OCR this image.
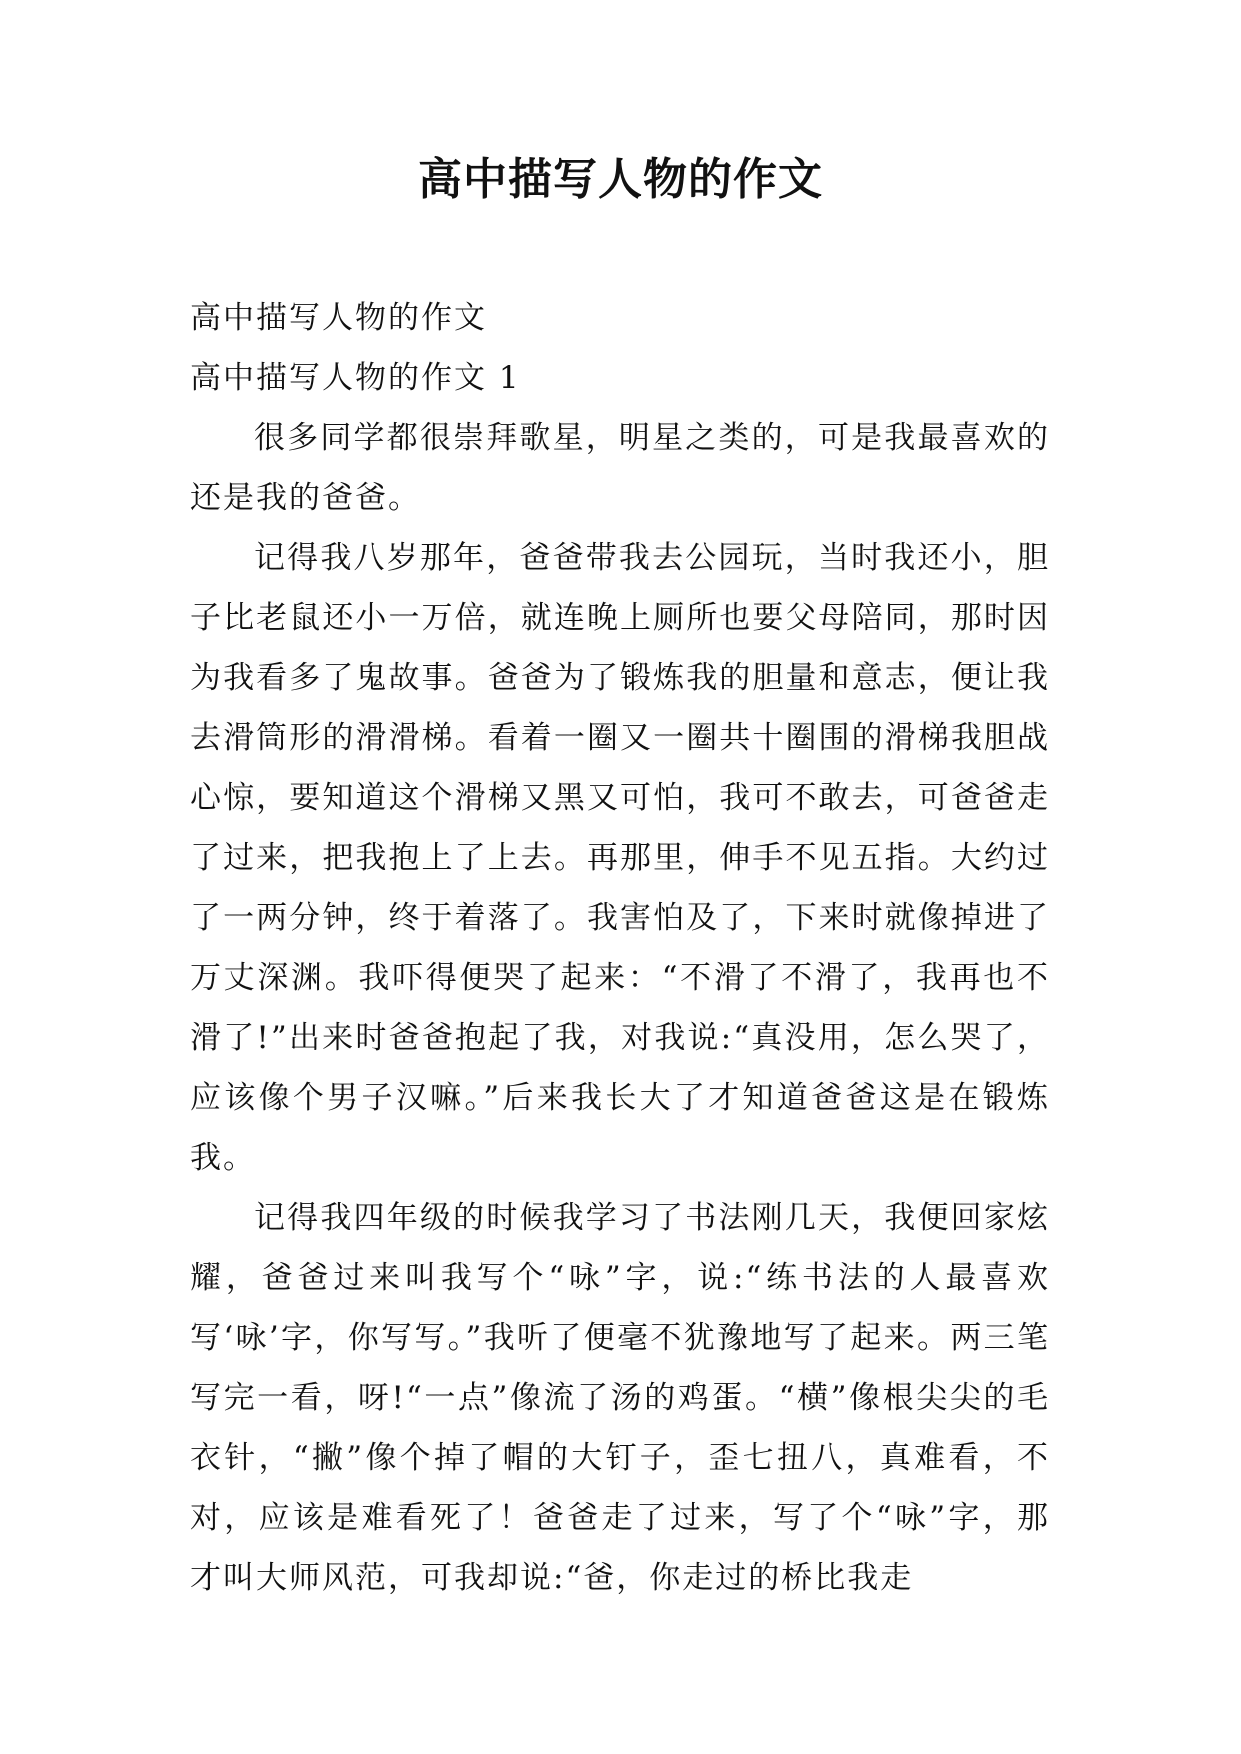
高中描写人物的作文

高中描写人物的作文

高中描写人物的作文 1

很多同学都很崇拜歌星，明星之类的，可是我最喜欢的还是我的爸爸。

记得我八岁那年，爸爸带我去公园玩，当时我还小，胆子比老鼠还小一万倍，就连晚上厕所也要父母陪同，那时因为我看多了鬼故事。爸爸为了锻炼我的胆量和意志，便让我去滑筒形的滑滑梯。看着一圈又一圈共十圈围的滑梯我胆战心惊，要知道这个滑梯又黑又可怕，我可不敢去，可爸爸走了过来，把我抱上了上去。再那里，伸手不见五指。大约过了一两分钟，终于着落了。我害怕及了，下来时就像掉进了万丈深渊。我吓得便哭了起来：“不滑了不滑了，我再也不滑了!”出来时爸爸抱起了我，对我说:“真没用，怎么哭了，应该像个男子汉嘛。”后来我长大了才知道爸爸这是在锻炼我。

记得我四年级的时候我学习了书法刚几天，我便回家炫耀，爸爸过来叫我写个“咏”字，说:“练书法的人最喜欢写‘咏’字，你写写。”我听了便毫不犹豫地写了起来。两三笔写完一看，呀!“一点”像流了汤的鸡蛋。“横”像根尖尖的毛衣针，“撇”像个掉了帽的大钉子，歪七扭八，真难看，不对，应该是难看死了！爸爸走了过来，写了个“咏”字，那才叫大师风范，可我却说:“爸，你走过的桥比我走
